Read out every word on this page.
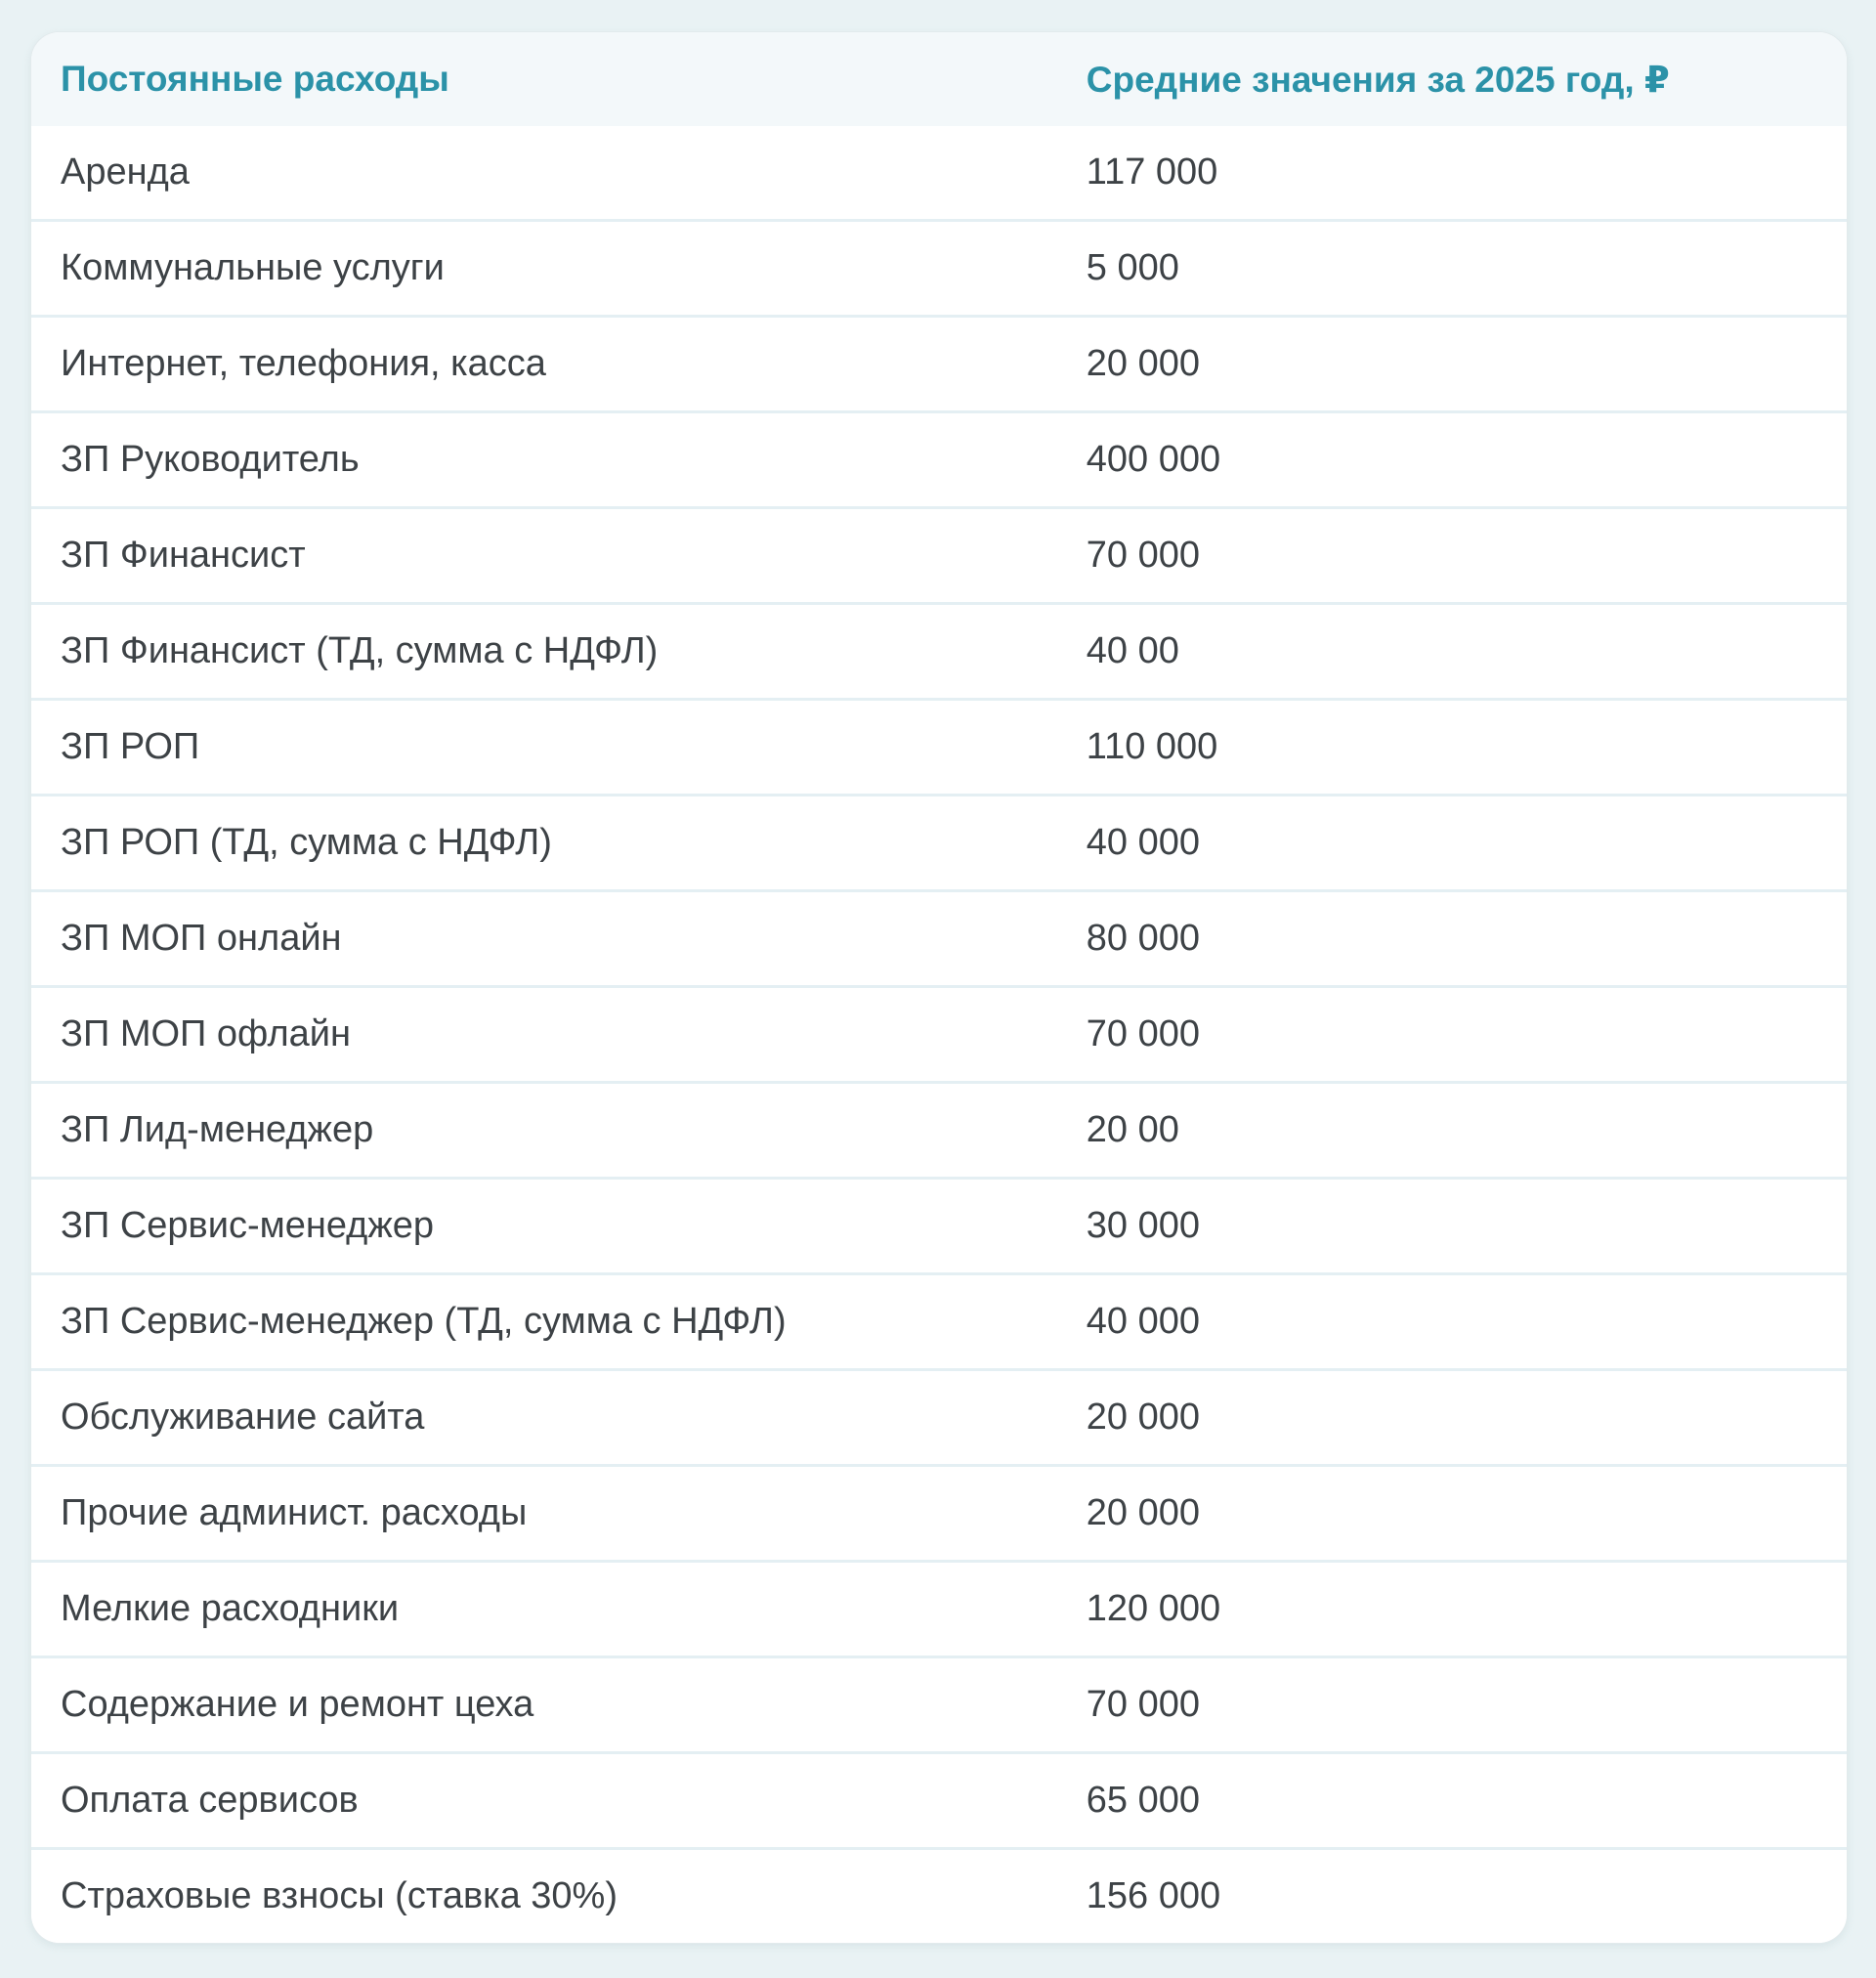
Постоянные расходы	Средние значения за 2025 год, ₽
Аренда	117 000
Коммунальные услуги	5 000
Интернет, телефония, касса	20 000
ЗП Руководитель	400 000
ЗП Финансист	70 000
ЗП Финансист (ТД, сумма с НДФЛ)	40 00
ЗП РОП	110 000
ЗП РОП (ТД, сумма с НДФЛ)	40 000
ЗП МОП онлайн	80 000
ЗП МОП офлайн	70 000
ЗП Лид-менеджер	20 00
ЗП Сервис-менеджер	30 000
ЗП Сервис-менеджер (ТД, сумма с НДФЛ)	40 000
Обслуживание сайта	20 000
Прочие админист. расходы	20 000
Мелкие расходники	120 000
Содержание и ремонт цеха	70 000
Оплата сервисов	65 000
Страховые взносы (ставка 30%)	156 000
